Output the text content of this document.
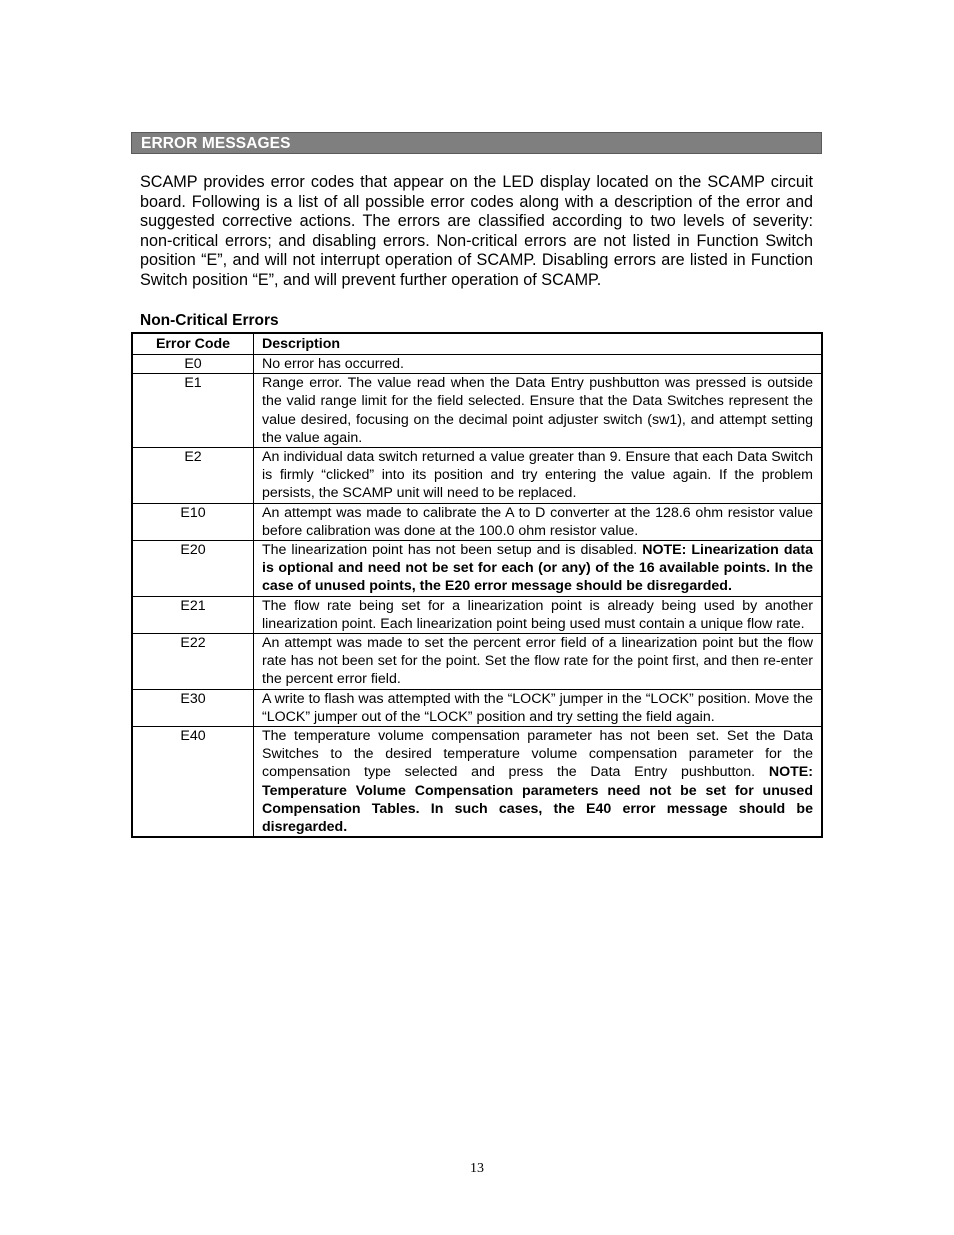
ERROR MESSAGES

SCAMP provides error codes that appear on the LED display located on the SCAMP circuit board. Following is a list of all possible error codes along with a description of the error and suggested corrective actions. The errors are classified according to two levels of severity: non-critical errors; and disabling errors. Non-critical errors are not listed in Function Switch position “E”, and will not interrupt operation of SCAMP. Disabling errors are listed in Function Switch position “E”, and will prevent further operation of SCAMP.

Non-Critical Errors

Error Code	Description
E0	No error has occurred.
E1	Range error. The value read when the Data Entry pushbutton was pressed is outside the valid range limit for the field selected. Ensure that the Data Switches represent the value desired, focusing on the decimal point adjuster switch (sw1), and attempt setting the value again.
E2	An individual data switch returned a value greater than 9. Ensure that each Data Switch is firmly “clicked” into its position and try entering the value again. If the problem persists, the SCAMP unit will need to be replaced.
E10	An attempt was made to calibrate the A to D converter at the 128.6 ohm resistor value before calibration was done at the 100.0 ohm resistor value.
E20	The linearization point has not been setup and is disabled. NOTE: Linearization data is optional and need not be set for each (or any) of the 16 available points. In the case of unused points, the E20 error message should be disregarded.
E21	The flow rate being set for a linearization point is already being used by another linearization point. Each linearization point being used must contain a unique flow rate.
E22	An attempt was made to set the percent error field of a linearization point but the flow rate has not been set for the point. Set the flow rate for the point first, and then re-enter the percent error field.
E30	A write to flash was attempted with the “LOCK” jumper in the “LOCK” position. Move the “LOCK” jumper out of the “LOCK” position and try setting the field again.
E40	The temperature volume compensation parameter has not been set. Set the Data Switches to the desired temperature volume compensation parameter for the compensation type selected and press the Data Entry pushbutton. NOTE: Temperature Volume Compensation parameters need not be set for unused Compensation Tables. In such cases, the E40 error message should be disregarded.
13
